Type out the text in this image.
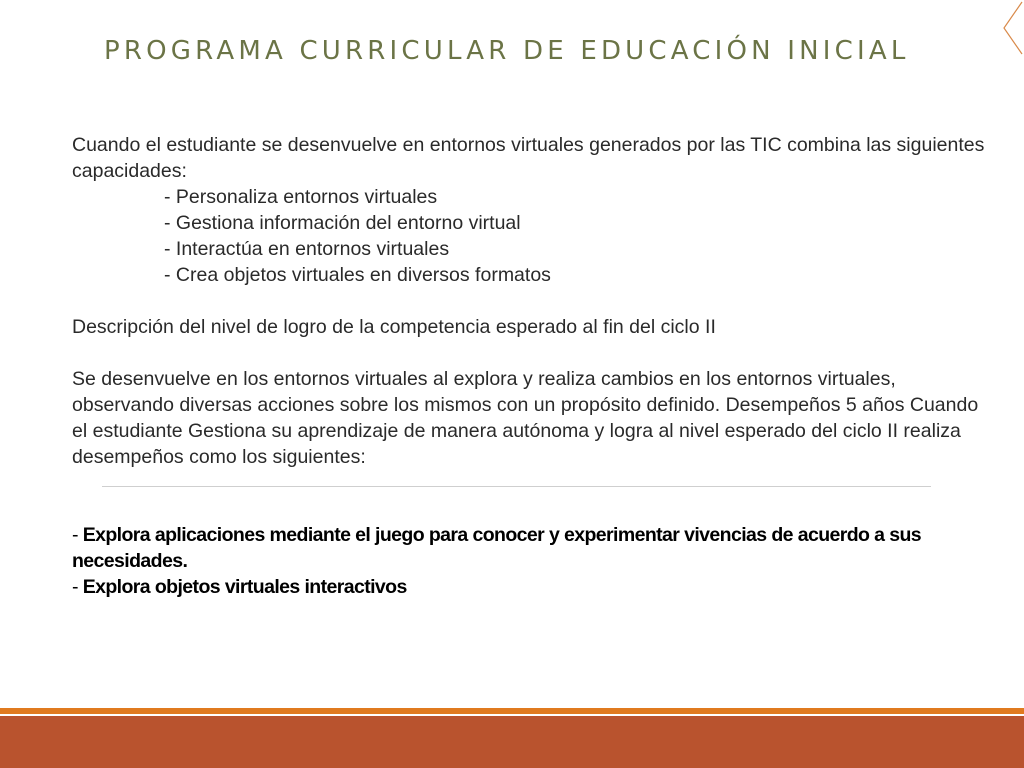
PROGRAMA CURRICULAR DE EDUCACIÓN INICIAL

Cuando el estudiante se desenvuelve en entornos virtuales generados por las TIC combina las siguientes capacidades:

- Personaliza entornos virtuales

- Gestiona información del entorno virtual

- Interactúa en entornos virtuales

- Crea objetos virtuales en diversos formatos

Descripción del nivel de logro de la competencia esperado al fin del ciclo II

Se desenvuelve en los entornos virtuales al explora y realiza cambios en los entornos virtuales, observando diversas acciones sobre los mismos con un propósito definido. Desempeños 5 años Cuando el estudiante Gestiona su aprendizaje de manera autónoma y logra al nivel esperado del ciclo II realiza desempeños como los siguientes:

- Explora aplicaciones mediante el juego para conocer y experimentar vivencias de acuerdo a sus necesidades.

- Explora objetos virtuales interactivos
